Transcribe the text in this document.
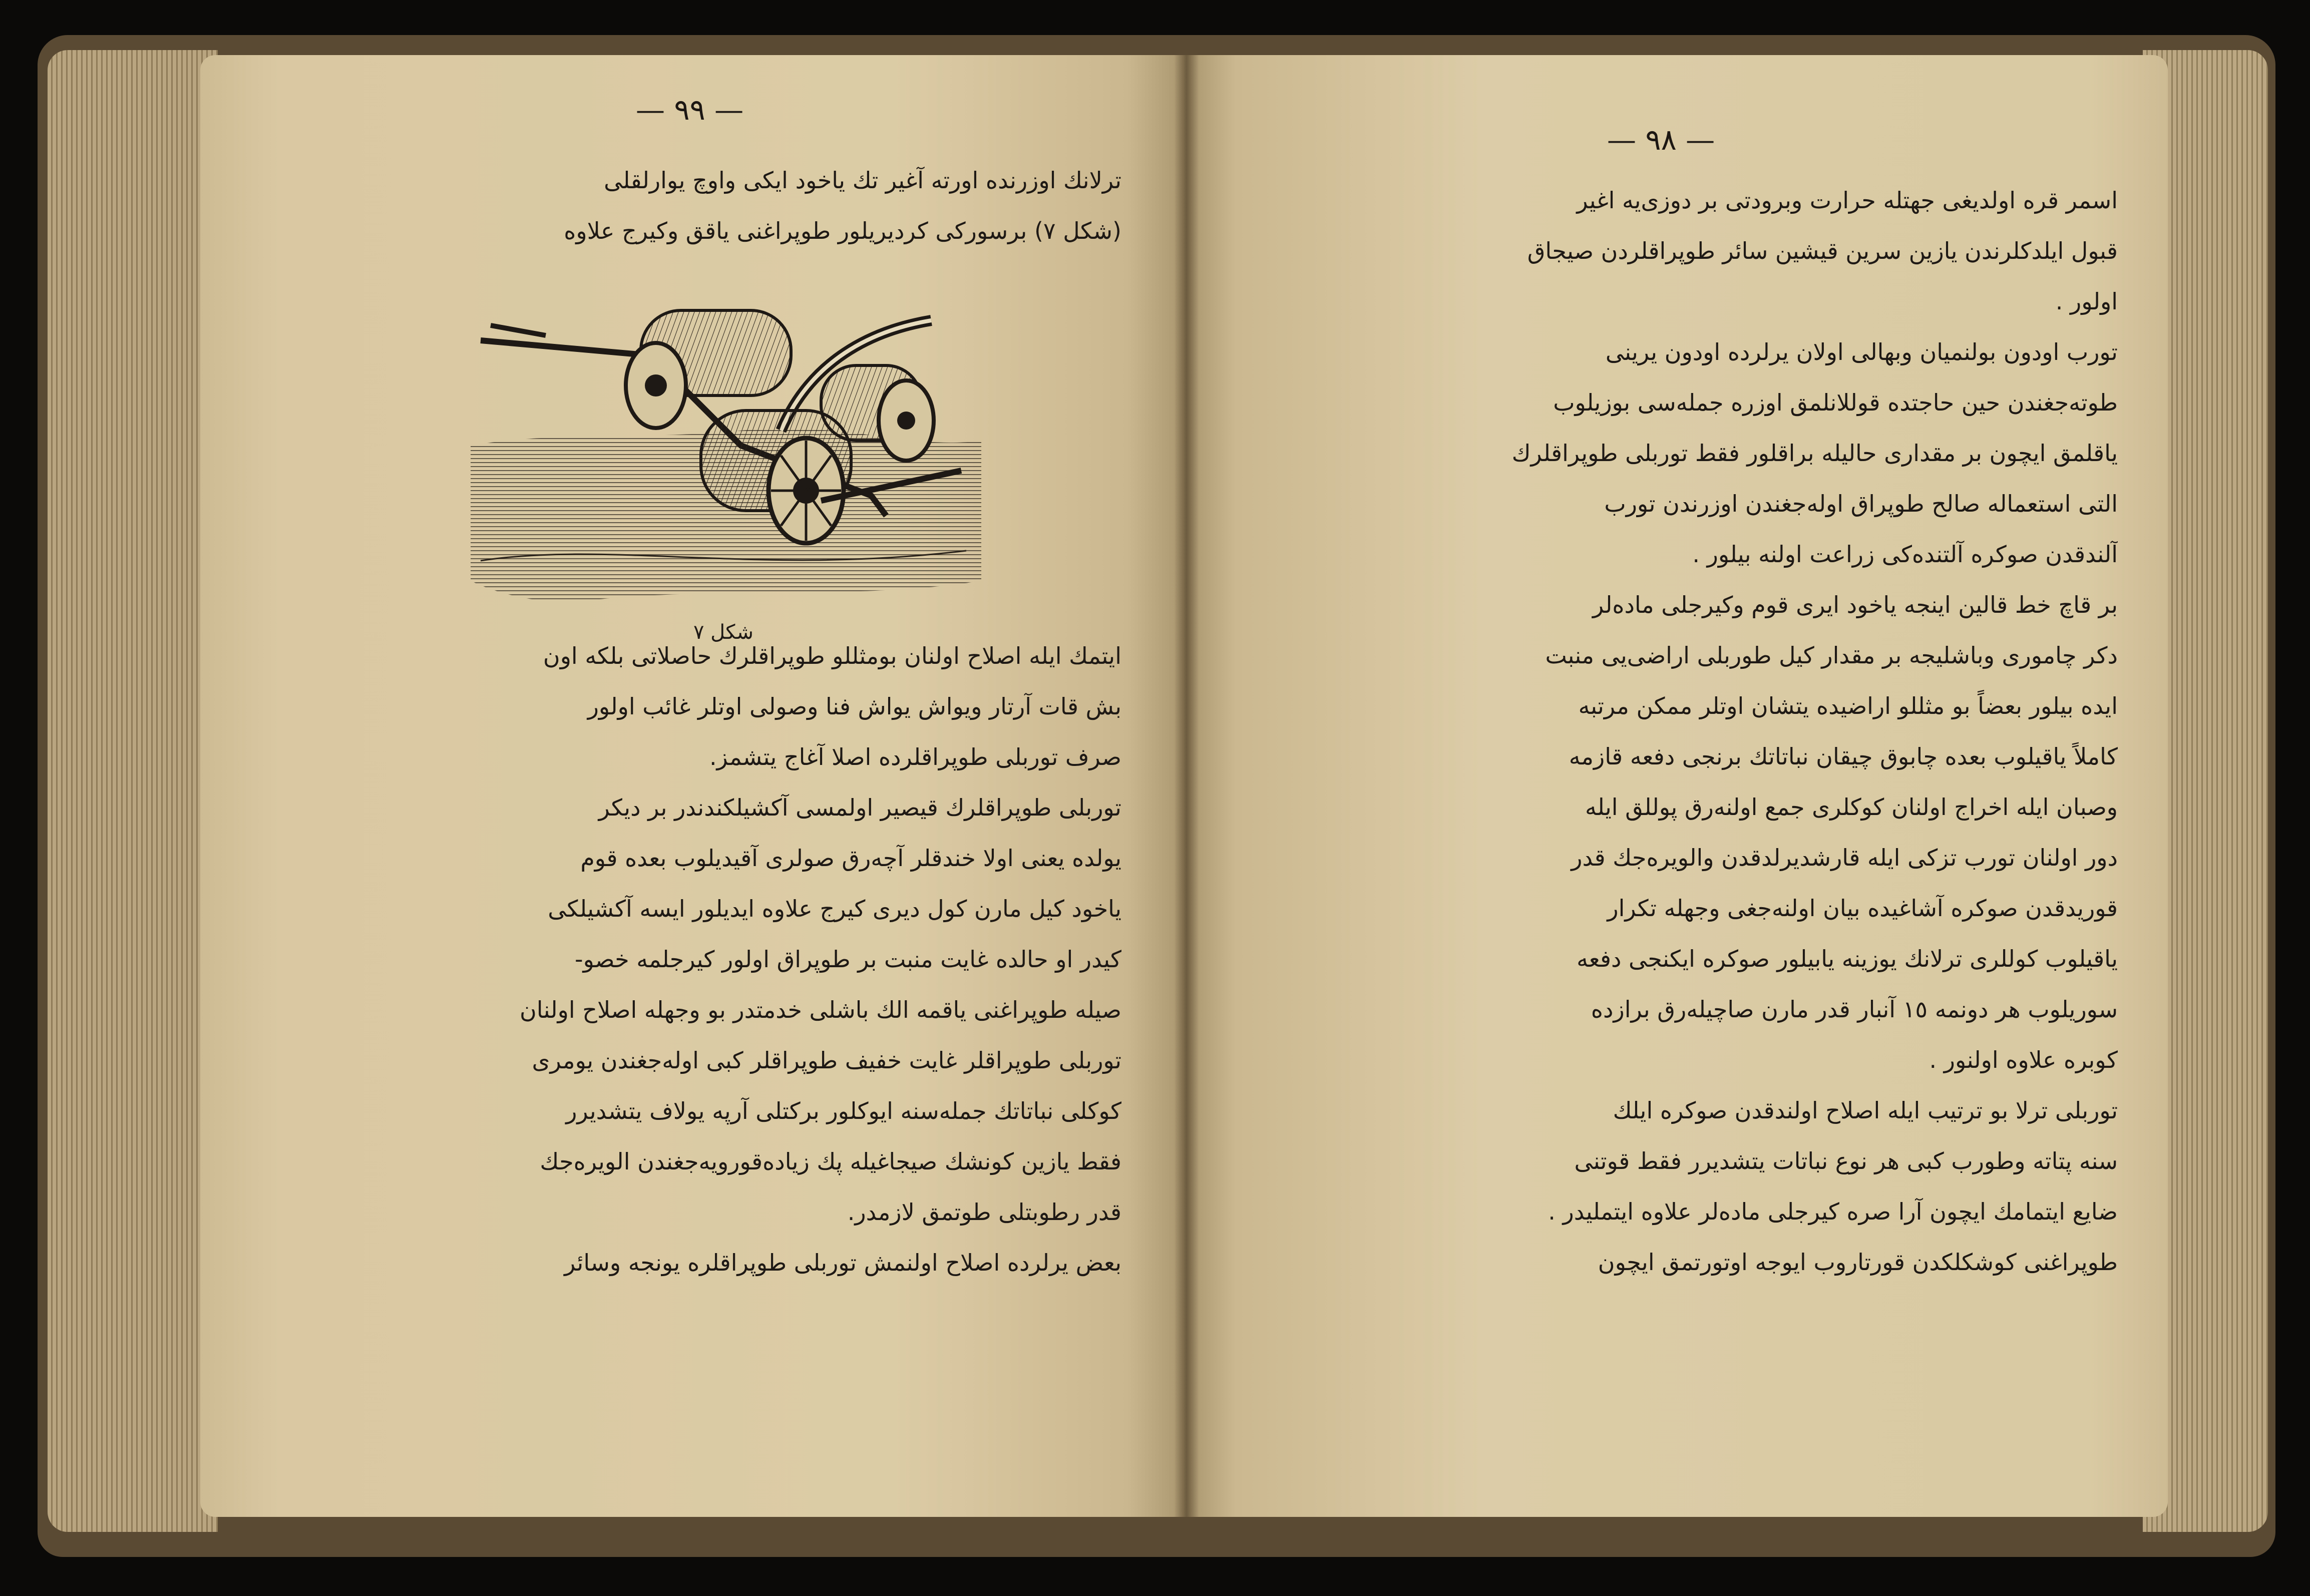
— ٩٩ —
ترلانك اوزرنده اورته آغير تك ياخود ايكى واوچ يوارلقلى
(شكل ٧) برسوركى كرديريلور طوپراغنى ياقق وكيرج علاوه
شكل ٧
ايتمك ايله اصلاح اولنان بومثللو طوپراقلرك حاصلاتى بلكه اون
بش قات آرتار ويواش يواش فنا وصولى اوتلر غائب اولور
صرف توربلى طوپراقلرده اصلا آغاج يتشمز.
توربلى طوپراقلرك قيصير اولمسى آكشيلكندندر بر ديكر
يولده يعنى اولا خندقلر آچه‌رق صولرى آقيديلوب بعده قوم
ياخود كيل مارن كول ديرى كيرج علاوه ايديلور ايسه آكشيلكى
كيدر او حالده غايت منبت بر طوپراق اولور كيرجلمه خصو-
صيله طوپراغنى ياقمه الك باشلى خدمتدر بو وجهله اصلاح اولنان
توربلى طوپراقلر غايت خفيف طوپراقلر كبى اوله‌جغندن يومرى
كوكلى نباتاتك جمله‌سنه ايوكلور بركتلى آرپه يولاف يتشديرر
فقط يازين كونشك صيجاغيله پك زياده‌قورويه‌جغندن الويره‌جك
قدر رطوبتلى طوتمق لازمدر.
بعض يرلرده اصلاح اولنمش توربلى طوپراقلره يونجه وسائر
— ٩٨ —
اسمر قره اولديغى جهتله حرارت وبرودتى بر دوزى‌يه اغير
قبول ايلدكلرندن يازين سرين قيشين سائر طوپراقلردن صيجاق
اولور .
تورب اودون بولنميان وبهالى اولان يرلرده اودون يرينى
طوته‌جغندن حين حاجتده قوللانلمق اوزره جمله‌سى بوزيلوب
ياقلمق ايچون بر مقدارى حاليله براقلور فقط توربلى طوپراقلرك
التى استعماله صالح طوپراق اوله‌جغندن اوزرندن تورب
آلندقدن صوكره آلتنده‌كى زراعت اولنه بيلور .
بر قاچ خط قالين اينجه ياخود ايرى قوم وكيرجلى ماده‌لر
دكر چامورى وباشليجه بر مقدار كيل طوربلى اراضى‌يى منبت
ايده بيلور بعضاً بو مثللو اراضيده يتشان اوتلر ممكن مرتبه
كاملاً ياقيلوب بعده چابوق چيقان نباتاتك برنجى دفعه قازمه
وصبان ايله اخراج اولنان كوكلرى جمع اولنه‌رق پوللق ايله
دور اولنان تورب تزكى ايله قارشديرلدقدن والويره‌جك قدر
قوريدقدن صوكره آشاغيده بيان اولنه‌جغى وجهله تكرار
ياقيلوب كوللرى ترلانك يوزينه يابيلور صوكره ايكنجى دفعه
سوريلوب هر دونمه ١٥ آنبار قدر مارن صاچيله‌رق برازده
كوبره علاوه اولنور .
توربلى ترلا بو ترتيب ايله اصلاح اولندقدن صوكره ايلك
سنه پتاته وطورب كبى هر نوع نباتات يتشديرر فقط قوتنى
ضايع ايتمامك ايچون آرا صره كيرجلى ماده‌لر علاوه ايتمليدر .
طوپراغنى كوشكلكدن قورتاروب ايوجه اوتورتمق ايچون
